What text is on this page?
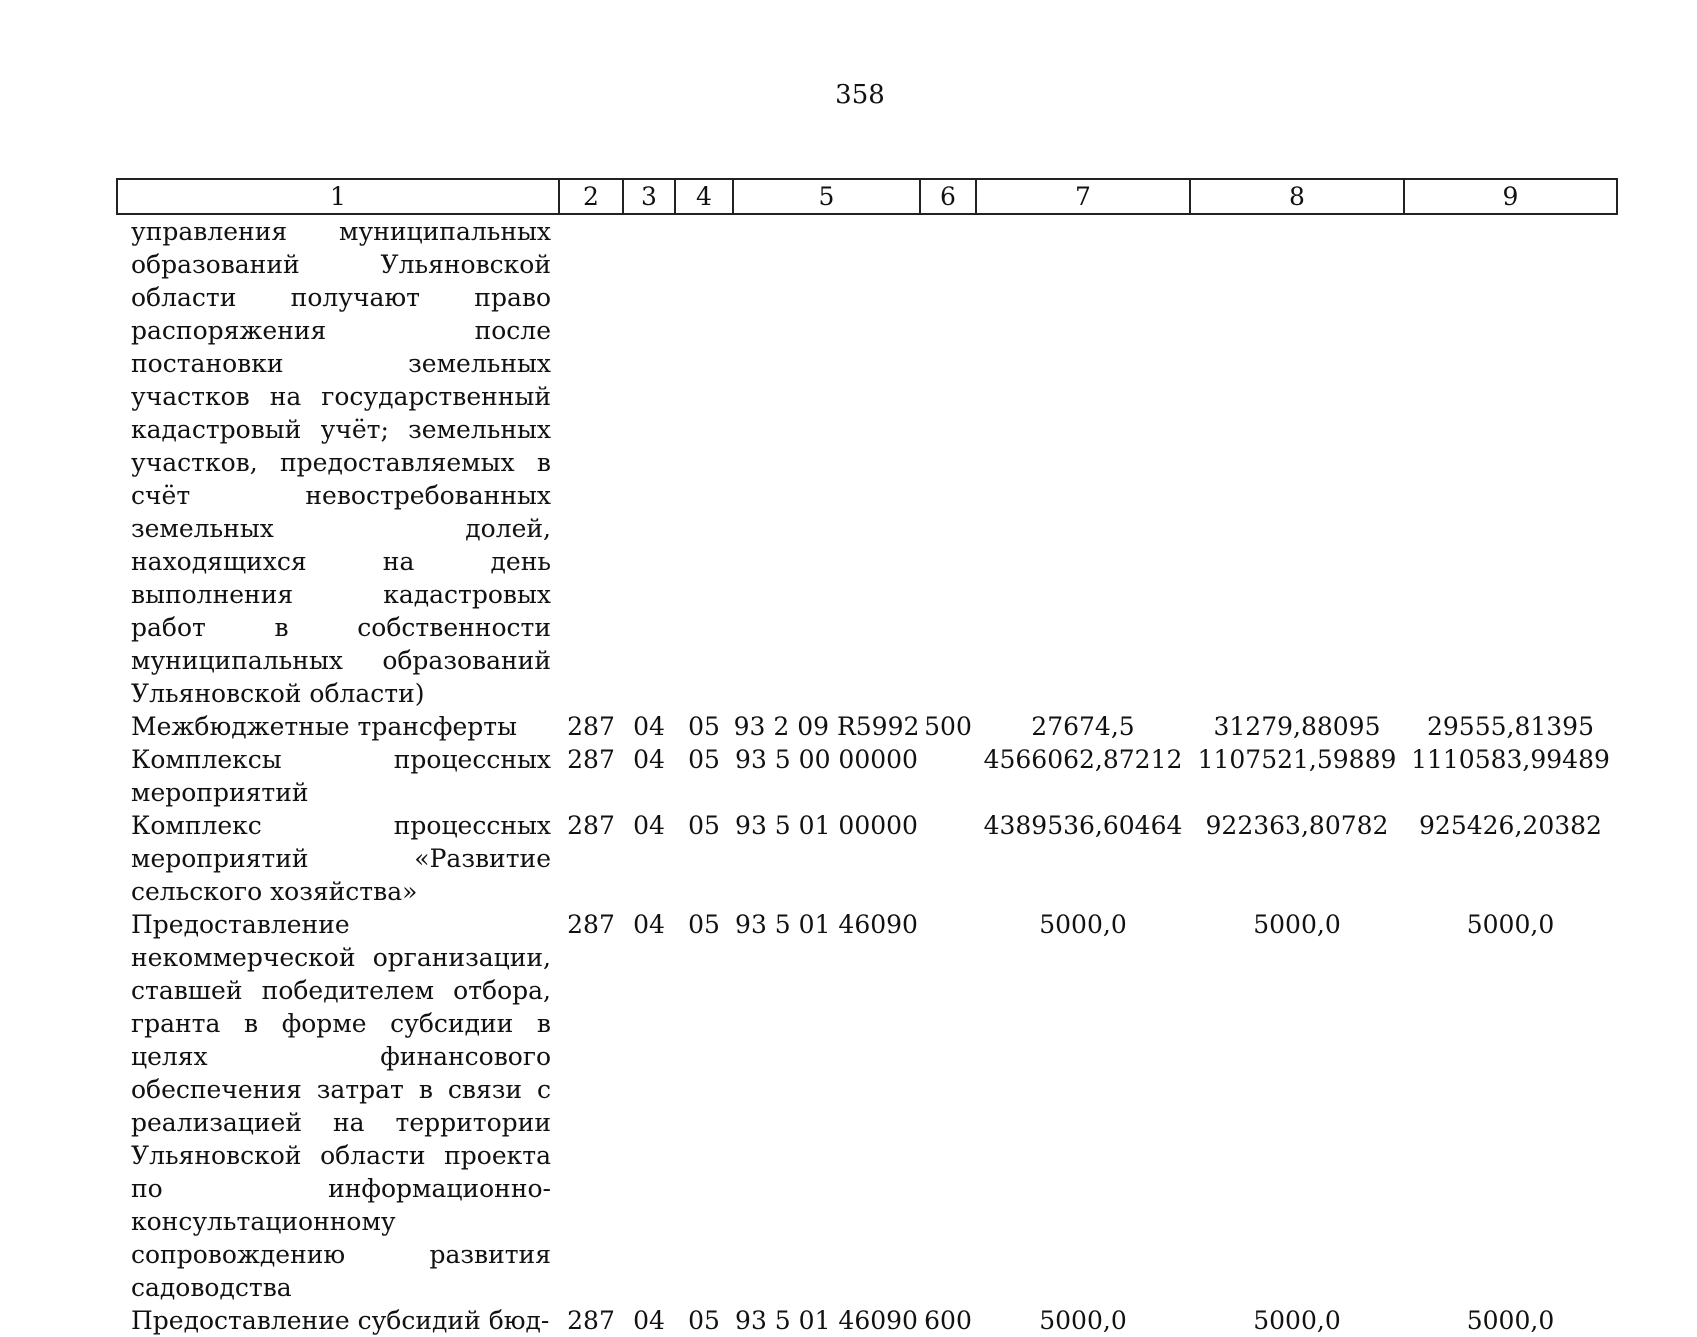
358
1	2	3	4	5	6	7	8	9
управления муниципальных образований Ульяновской области получают право распоряжения после постановки земельных участков на государственный кадастровый учёт; земельных участков, предоставляемых в счёт невостребованных земельных долей, находящихся на день выполнения кадастровых работ в собственности муниципальных образований Ульяновской области)								
Межбюджетные трансферты	287	04	05	93 2 09 R5992	500	27674,5	31279,88095	29555,81395
Комплексы процессных мероприятий	287	04	05	93 5 00 00000		4566062,87212	1107521,59889	1110583,99489
Комплекс процессных мероприятий «Развитие сельского хозяйства»	287	04	05	93 5 01 00000		4389536,60464	922363,80782	925426,20382
Предоставление некоммерческой организации, ставшей победителем отбора, гранта в форме субсидии в целях финансового обеспечения затрат в связи с реализацией на территории Ульяновской области проекта по информационно-консультационному сопровождению развития садоводства	287	04	05	93 5 01 46090		5000,0	5000,0	5000,0
Предоставление субсидий бюд-	287	04	05	93 5 01 46090	600	5000,0	5000,0	5000,0
